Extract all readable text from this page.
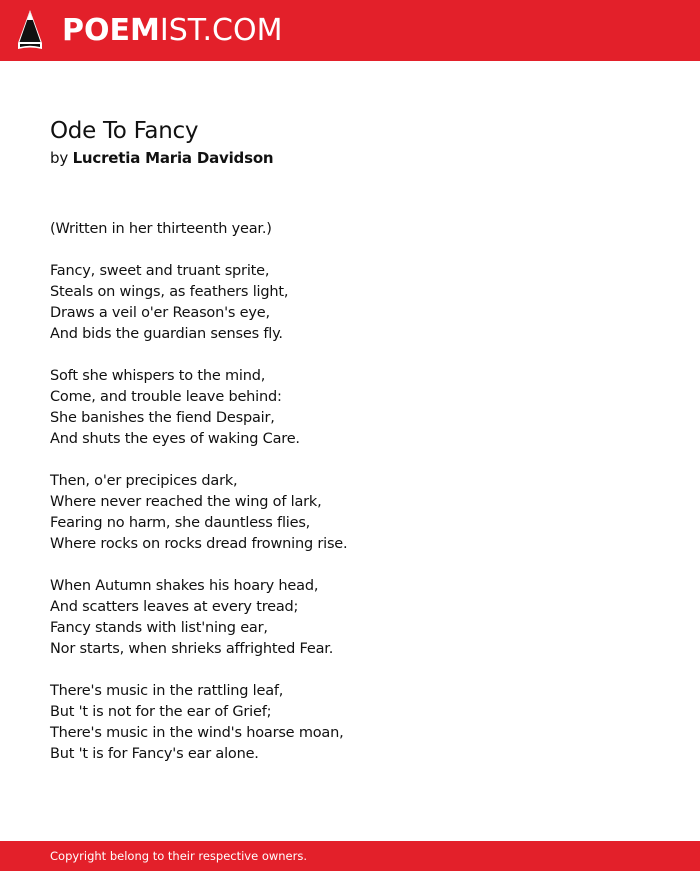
POEMIST.COM
Ode To Fancy
by Lucretia Maria Davidson
(Written in her thirteenth year.)
Fancy, sweet and truant sprite,
Steals on wings, as feathers light,
Draws a veil o'er Reason's eye,
And bids the guardian senses fly.
Soft she whispers to the mind,
Come, and trouble leave behind:
She banishes the fiend Despair,
And shuts the eyes of waking Care.
Then, o'er precipices dark,
Where never reached the wing of lark,
Fearing no harm, she dauntless flies,
Where rocks on rocks dread frowning rise.
When Autumn shakes his hoary head,
And scatters leaves at every tread;
Fancy stands with list'ning ear,
Nor starts, when shrieks affrighted Fear.
There's music in the rattling leaf,
But 't is not for the ear of Grief;
There's music in the wind's hoarse moan,
But 't is for Fancy's ear alone.
Copyright belong to their respective owners.
